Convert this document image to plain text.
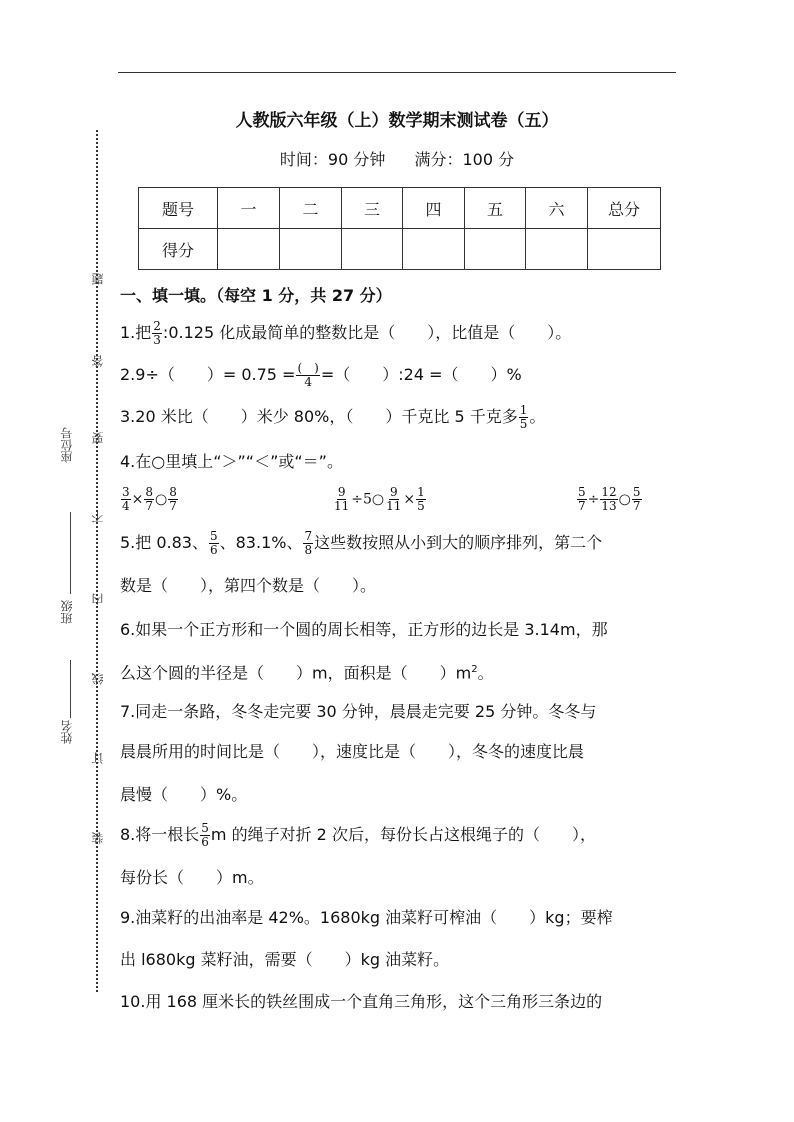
人教版六年级（上）数学期末测试卷（五）
时间：90 分钟 满分：100 分
题号	一	二	三	四	五	六	总分
得分							
题
答
要
不
内
线
订
装
座位号
班级
姓名
一、填一填。（每空 1 分，共 27 分）
1.把 $\frac{2}{3}$ :0.125 化成最简单的整数比是（　　），比值是（　　）。
2.9÷（　　）= $0.75 = \frac{( )}{4}$ =（　　）:24 =（　　）%
3.20 米比（　　）米少 80%，（　　）千克比 5 千克多 $\frac{1}{5}$ 。
4.在○里填上“＞”“＜”或“＝”。
$\frac{3}{4} \times \frac{8}{7}$ ○ $\frac{8}{7}$	$\frac{9}{11}$ ÷5○ $\frac{9}{11} \times \frac{1}{5}$	$\frac{5}{7} \div \frac{12}{13}$ ○ $\frac{5}{7}$
5.把 0.83、 $\frac{5}{6}$ 、83.1%、 $\frac{7}{8}$ 这些数按照从小到大的顺序排列，第二个
数是（　　），第四个数是（　　）。
6.如果一个正方形和一个圆的周长相等，正方形的边长是 3.14m，那
么这个圆的半径是（　　）m，面积是（　　）$m^2$。
7.同走一条路，冬冬走完要 30 分钟，晨晨走完要 25 分钟。冬冬与
晨晨所用的时间比是（　　），速度比是（　　），冬冬的速度比晨
晨慢（　　）%。
8.将一根长 $\frac{5}{6}$ m 的绳子对折 2 次后，每份长占这根绳子的（　　），
每份长（　　）m。
9.油菜籽的出油率是 42%。1680kg 油菜籽可榨油（　　）kg；要榨
出 l680kg 菜籽油，需要（　　）kg 油菜籽。
10.用 168 厘米长的铁丝围成一个直角三角形，这个三角形三条边的
